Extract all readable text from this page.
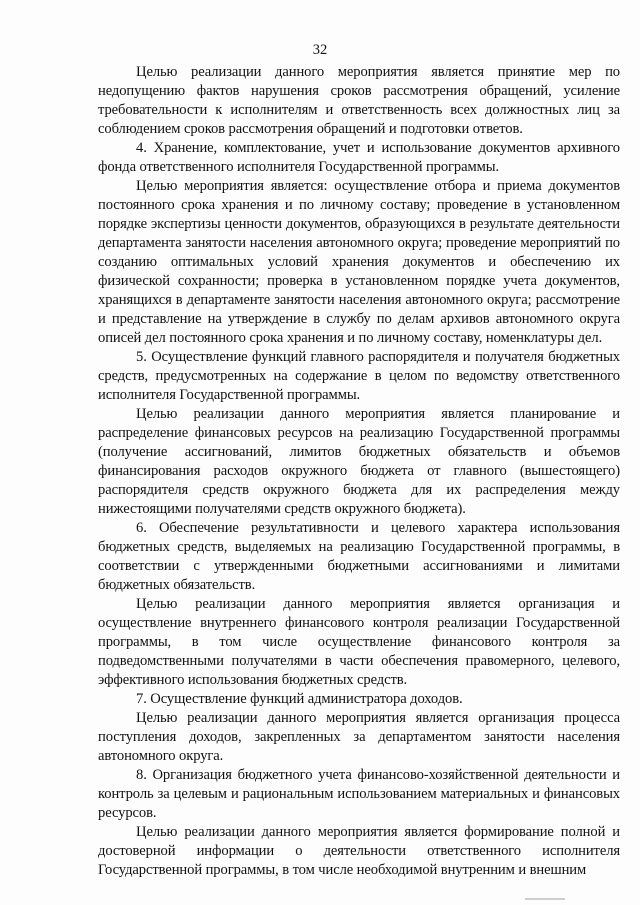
32

Целью реализации данного мероприятия является принятие мер по недопущению фактов нарушения сроков рассмотрения обращений, усиление требовательности к исполнителям и ответственность всех должностных лиц за соблюдением сроков рассмотрения обращений и подготовки ответов.

4. Хранение, комплектование, учет и использование документов архивного фонда ответственного исполнителя Государственной программы.

Целью мероприятия является: осуществление отбора и приема документов постоянного срока хранения и по личному составу; проведение в установленном порядке экспертизы ценности документов, образующихся в результате деятельности департамента занятости населения автономного округа; проведение мероприятий по созданию оптимальных условий хранения документов и обеспечению их физической сохранности; проверка в установленном порядке учета документов, хранящихся в департаменте занятости населения автономного округа; рассмотрение и представление на утверждение в службу по делам архивов автономного округа описей дел постоянного срока хранения и по личному составу, номенклатуры дел.

5. Осуществление функций главного распорядителя и получателя бюджетных средств, предусмотренных на содержание в целом по ведомству ответственного исполнителя Государственной программы.

Целью реализации данного мероприятия является планирование и распределение финансовых ресурсов на реализацию Государственной программы (получение ассигнований, лимитов бюджетных обязательств и объемов финансирования расходов окружного бюджета от главного (вышестоящего) распорядителя средств окружного бюджета для их распределения между нижестоящими получателями средств окружного бюджета).

6. Обеспечение результативности и целевого характера использования бюджетных средств, выделяемых на реализацию Государственной программы, в соответствии с утвержденными бюджетными ассигнованиями и лимитами бюджетных обязательств.

Целью реализации данного мероприятия является организация и осуществление внутреннего финансового контроля реализации Государственной программы, в том числе осуществление финансового контроля за подведомственными получателями в части обеспечения правомерного, целевого, эффективного использования бюджетных средств.

7. Осуществление функций администратора доходов.

Целью реализации данного мероприятия является организация процесса поступления доходов, закрепленных за департаментом занятости населения автономного округа.

8. Организация бюджетного учета финансово-хозяйственной деятельности и контроль за целевым и рациональным использованием материальных и финансовых ресурсов.

Целью реализации данного мероприятия является формирование полной и достоверной информации о деятельности ответственного исполнителя Государственной программы, в том числе необходимой внутренним и внешним
